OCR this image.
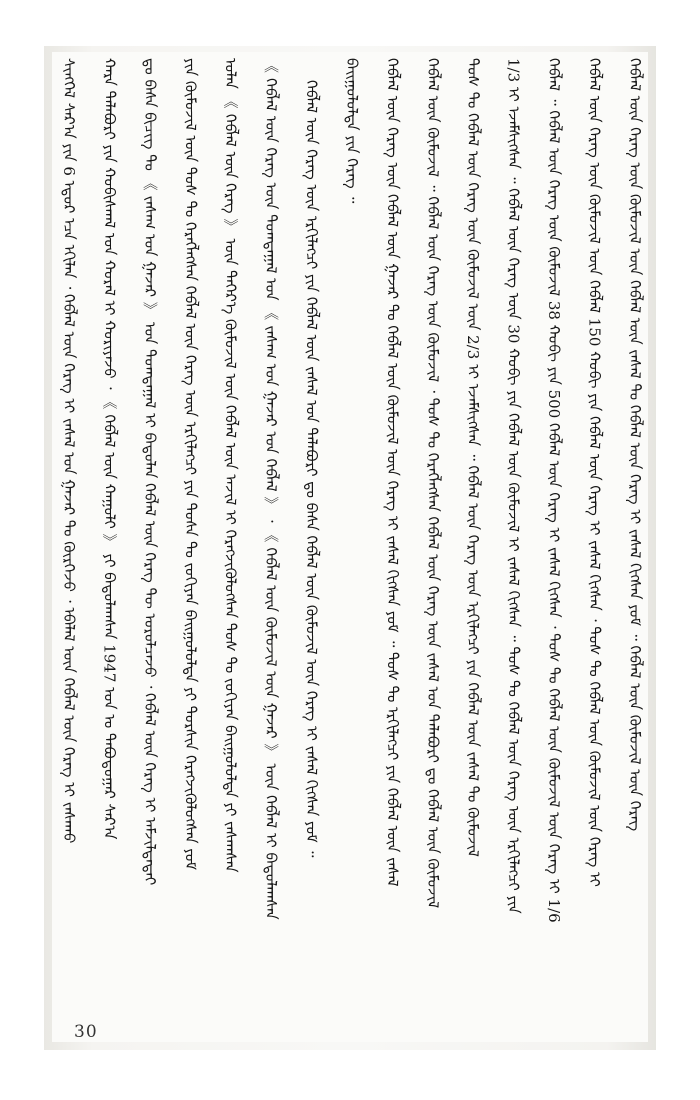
ᠰᠢᠩᠬᠡᠯ ᠰᠠᠷ᠎ᠠ ᠶᠢᠨ 6 ᠡᠳᠦᠷ ᠡᠴᠡ ᠡᠬᠢᠯᠡᠨ ᠂ ᠬᠡᠪᠯᠡᠯ ᠦᠨ ᠬᠡᠷᠡᠭ ᠢ ᠵᠠᠰᠠᠯ ᠤᠨ ᠭᠠᠵᠠᠷ ᠲᠤ ᠬᠦᠷᠭᠡᠵᠦ ᠂ ᠡᠪᠡᠯᠡᠯ ᠦᠨ ᠬᠡᠪᠯᠡᠯ ᠦᠨ ᠬᠡᠷᠡᠭ ᠢ ᠵᠠᠰᠠᠬᠤ ᠬᠠᠷᠠ ᠲᠠᠯᠠᠪᠤᠷᠢ ᠶᠢᠨ ᠬᠤᠪᠢᠰᠬᠠᠯ ᠤᠨ ᠬᠤᠷᠠᠯ ᠢ ᠬᠤᠷᠢᠶᠠᠵᠤ ᠂ 《 ᠬᠡᠪᠯᠡᠯ ᠦᠨ ᠬᠠᠭᠤᠯᠢ 》 ᠶᠢ ᠪᠠᠲᠤᠯᠠᠭᠰᠠᠨ 1947 ᠣᠨ ᠤ ᠲᠠᠪᠤᠳᠤᠭᠠᠷ ᠰᠠᠷ᠎ᠠ ᠳᠤ ᠪᠠᠰᠠ ᠪᠢᠴᠢᠭ ᠲᠤ 《 ᠵᠠᠰᠠᠭ ᠤᠨ ᠭᠠᠵᠠᠷ 》 ᠤᠨ ᠲᠣᠭᠲᠠᠭᠠᠯ ᠢ ᠪᠠᠲᠤᠯᠠᠨ ᠬᠡᠪᠯᠡᠯ ᠦᠨ ᠬᠡᠷᠡᠭ ᠲᠦ ᠤᠷᠤᠯᠴᠠᠵᠤ ᠂ ᠬᠡᠪᠯᠡᠯ ᠦᠨ ᠬᠡᠷᠡᠭ ᠢ ᠠᠮᠵᠢᠯᠲᠠᠲᠠᠢ ᠶᠢᠨ ᠬᠦᠮᠦᠵᠢᠯ ᠦᠨ ᠲᠤᠰ ᠲᠤ ᠬᠡᠷᠡᠭᠯᠡᠭᠰᠡᠨ ᠬᠡᠪᠯᠡᠯ ᠦᠨ ᠬᠡᠷᠡᠭ ᠦᠨ ᠡᠷᠬᠢᠯᠡᠭᠴᠢ ᠶᠢᠨ ᠲᠤᠰᠠ ᠲᠤ ᠵᠣᠬᠢᠶᠠᠨ ᠪᠠᠢᠭᠤᠯᠤᠯᠲᠠ ᠶᠢ ᠲᠤᠷᠰᠢᠨ ᠬᠡᠷᠡᠭᠵᠢᠭᠦᠯᠦᠭᠰᠡᠨ ᠶᠤᠮ ᠣᠯᠠᠨ 《 ᠬᠡᠪᠯᠡᠯ ᠦᠨ ᠬᠡᠷᠡᠭ 》 ᠦᠨ ᠳᠡᠭᠡᠷ᠎ᠡ ᠬᠦᠮᠦᠵᠢᠯ ᠦᠨ ᠬᠡᠪᠯᠡᠯ ᠦᠨ ᠠᠵᠢᠯ ᠢ ᠬᠡᠷᠡᠭᠵᠢᠭᠦᠯᠦᠭᠰᠡᠨ ᠲᠤᠰ ᠲᠤ ᠵᠣᠬᠢᠶᠠᠨ ᠪᠠᠢᠭᠤᠯᠤᠯᠲᠠ ᠶᠢ ᠵᠠᠰᠠᠭᠰᠠᠨ 《 ᠬᠡᠪᠯᠡᠯ ᠦᠨ ᠬᠡᠷᠡᠭ ᠦᠨ ᠲᠣᠭᠲᠠᠭᠠᠯ ᠤᠨ 《 ᠵᠠᠰᠠᠭ ᠤᠨ ᠭᠠᠵᠠᠷ ᠤᠨ ᠬᠡᠪᠯᠡᠯ 》 ᠂ 《 ᠬᠡᠪᠯᠡᠯ ᠦᠨ ᠬᠦᠮᠦᠵᠢᠯ ᠦᠨ ᠭᠠᠵᠠᠷ 》 ᠦᠨ ᠬᠡᠪᠯᠡᠯ ᠢ ᠪᠠᠲᠤᠯᠠᠭᠰᠠᠨ ᠬᠡᠪᠯᠡᠯ ᠦᠨ ᠬᠡᠷᠡᠭ ᠦᠨ ᠡᠷᠬᠢᠯᠡᠭᠴᠢ ᠶᠢᠨ ᠬᠡᠪᠯᠡᠯ ᠦᠨ ᠵᠠᠰᠠᠯ ᠤᠨ ᠲᠠᠯᠠᠪᠤᠷᠢ ᠳᠤ ᠪᠠᠰᠠ ᠬᠡᠪᠯᠡᠯ ᠦᠨ ᠬᠦᠮᠦᠵᠢᠯ ᠦᠨ ᠬᠡᠷᠡᠭ ᠢ ᠵᠠᠰᠠᠯ ᠬᠢᠭᠰᠡᠨ ᠶᠤᠮ ᠃ ᠪᠠᠢᠭᠤᠯᠤᠯᠲᠠ ᠶᠢᠨ ᠬᠡᠷᠡᠭ ᠃ ᠬᠡᠪᠯᠡᠯ ᠦᠨ ᠬᠡᠷᠡᠭ ᠦᠨ ᠬᠡᠪᠯᠡᠯ ᠦᠨ ᠭᠠᠵᠠᠷ ᠲᠤ ᠬᠡᠪᠯᠡᠯ ᠦᠨ ᠬᠦᠮᠦᠵᠢᠯ ᠦᠨ ᠬᠡᠷᠡᠭ ᠢ ᠵᠠᠰᠠᠯ ᠬᠢᠭᠰᠡᠨ ᠶᠤᠮ ᠃ ᠲᠤᠰ ᠲᠤ ᠡᠷᠬᠢᠯᠡᠭᠴᠢ ᠶᠢᠨ ᠬᠡᠪᠯᠡᠯ ᠦᠨ ᠵᠠᠰᠠᠯ ᠬᠡᠪᠯᠡᠯ ᠦᠨ ᠬᠦᠮᠦᠵᠢᠯ ᠃ ᠬᠡᠪᠯᠡᠯ ᠦᠨ ᠬᠡᠷᠡᠭ ᠦᠨ ᠬᠦᠮᠦᠵᠢᠯ ᠂ ᠲᠤᠰ ᠲᠤ ᠬᠡᠷᠡᠭᠯᠡᠭᠰᠡᠨ ᠬᠡᠪᠯᠡᠯ ᠦᠨ ᠬᠡᠷᠡᠭ ᠦᠨ ᠵᠠᠰᠠᠯ ᠤᠨ ᠲᠠᠯᠠᠪᠤᠷᠢ ᠳᠤ ᠬᠡᠪᠯᠡᠯ ᠦᠨ ᠬᠦᠮᠦᠵᠢᠯ ᠲᠤᠰ ᠲᠤ ᠬᠡᠪᠯᠡᠯ ᠦᠨ ᠬᠡᠷᠡᠭ ᠦᠨ ᠬᠦᠮᠦᠵᠢᠯ ᠦᠨ 2/3 ᠢ ᠡᠵᠡᠮᠰᠢᠭᠰᠡᠨ ᠃ ᠬᠡᠪᠯᠡᠯ ᠦᠨ ᠬᠡᠷᠡᠭ ᠦᠨ ᠡᠷᠬᠢᠯᠡᠭᠴᠢ ᠶᠢᠨ ᠬᠡᠪᠯᠡᠯ ᠦᠨ ᠵᠠᠰᠠᠯ ᠲᠤ ᠬᠦᠮᠦᠵᠢᠯ 1/3 ᠢ ᠡᠵᠡᠮᠰᠢᠭᠰᠡᠨ ᠃ ᠬᠡᠪᠯᠡᠯ ᠦᠨ ᠬᠡᠷᠡᠭ ᠦᠨ 30 ᠬᠤᠪᠢ ᠶᠢᠨ ᠬᠡᠪᠯᠡᠯ ᠦᠨ ᠬᠦᠮᠦᠵᠢᠯ ᠢ ᠵᠠᠰᠠᠯ ᠬᠢᠭᠰᠡᠨ ᠃ ᠲᠤᠰ ᠲᠤ ᠬᠡᠪᠯᠡᠯ ᠦᠨ ᠬᠡᠷᠡᠭ ᠦᠨ ᠡᠷᠬᠢᠯᠡᠭᠴᠢ ᠶᠢᠨ ᠬᠡᠪᠯᠡᠯ ᠃ ᠬᠡᠪᠯᠡᠯ ᠦᠨ ᠬᠡᠷᠡᠭ ᠦᠨ ᠬᠦᠮᠦᠵᠢᠯ 38 ᠬᠤᠪᠢ ᠶᠢᠨ 500 ᠬᠡᠪᠯᠡᠯ ᠦᠨ ᠬᠡᠷᠡᠭ ᠢ ᠵᠠᠰᠠᠯ ᠬᠢᠭᠰᠡᠨ ᠂ ᠲᠤᠰ ᠲᠤ ᠬᠡᠪᠯᠡᠯ ᠦᠨ ᠬᠦᠮᠦᠵᠢᠯ ᠦᠨ ᠬᠡᠷᠡᠭ ᠢ 1/6 ᠬᠡᠪᠯᠡᠯ ᠦᠨ ᠬᠡᠷᠡᠭ ᠦᠨ ᠬᠦᠮᠦᠵᠢᠯ ᠦᠨ ᠬᠡᠪᠯᠡᠯ 150 ᠬᠤᠪᠢ ᠶᠢᠨ ᠬᠡᠪᠯᠡᠯ ᠦᠨ ᠬᠡᠷᠡᠭ ᠢ ᠵᠠᠰᠠᠯ ᠬᠢᠭᠰᠡᠨ ᠂ ᠲᠤᠰ ᠲᠤ ᠬᠡᠪᠯᠡᠯ ᠦᠨ ᠬᠦᠮᠦᠵᠢᠯ ᠦᠨ ᠬᠡᠷᠡᠭ ᠢ ᠬᠡᠪᠯᠡᠯ ᠦᠨ ᠬᠡᠷᠡᠭ ᠦᠨ ᠬᠦᠮᠦᠵᠢᠯ ᠦᠨ ᠬᠡᠪᠯᠡᠯ ᠦᠨ ᠵᠠᠰᠠᠯ ᠲᠤ ᠬᠡᠪᠯᠡᠯ ᠦᠨ ᠬᠡᠷᠡᠭ ᠢ ᠵᠠᠰᠠᠯ ᠬᠢᠭᠰᠡᠨ ᠶᠤᠮ ᠃ ᠬᠡᠪᠯᠡᠯ ᠦᠨ ᠬᠦᠮᠦᠵᠢᠯ ᠦᠨ ᠬᠡᠷᠡᠭ
30
